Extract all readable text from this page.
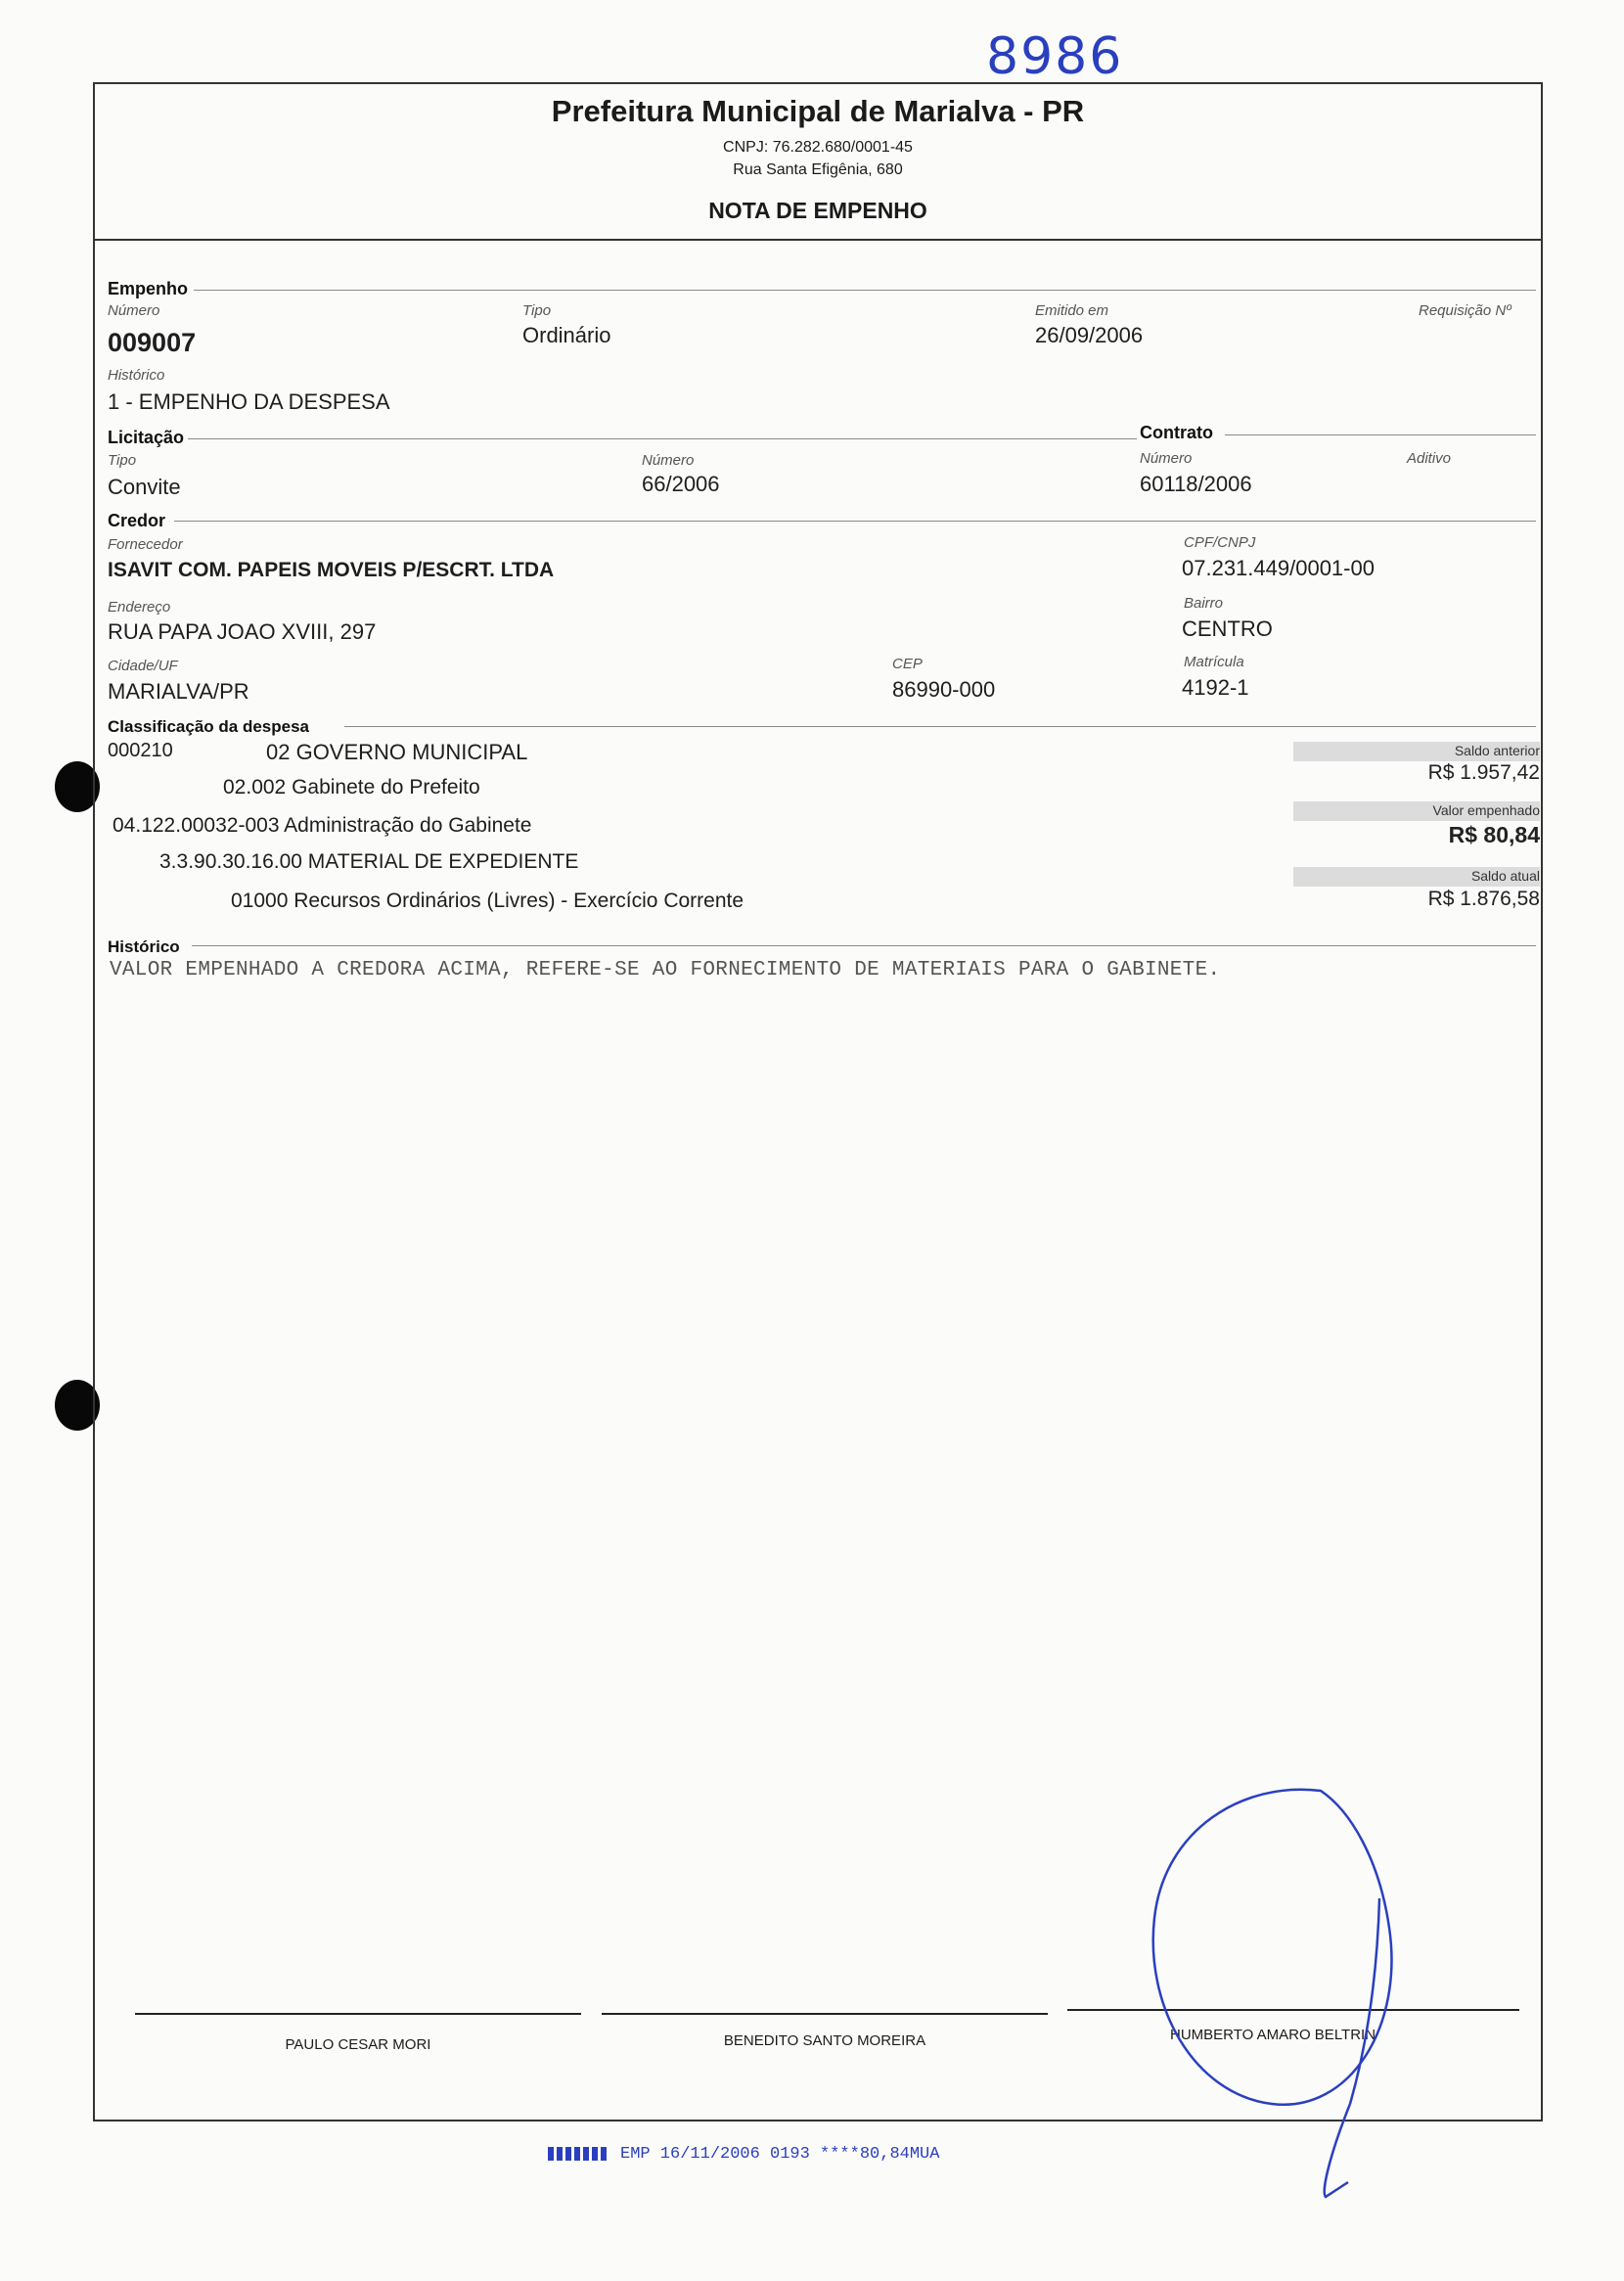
8986
Prefeitura Municipal de Marialva - PR
CNPJ: 76.282.680/0001-45
Rua Santa Efigênia, 680
NOTA DE EMPENHO
Empenho
Número
009007
Tipo
Ordinário
Emitido em
26/09/2006
Requisição Nº
Histórico
1 - EMPENHO DA DESPESA
Licitação	Contrato
Tipo
Convite
Número
66/2006
Número
60118/2006
Aditivo
Credor
Fornecedor
ISAVIT COM. PAPEIS MOVEIS P/ESCRT. LTDA
CPF/CNPJ
07.231.449/0001-00
Endereço
RUA PAPA JOAO XVIII, 297
Bairro
CENTRO
Cidade/UF
MARIALVA/PR
CEP
86990-000
Matrícula
4192-1
Classificação da despesa
000210	02 GOVERNO MUNICIPAL
02.002 Gabinete do Prefeito
04.122.00032-003 Administração do Gabinete
3.3.90.30.16.00 MATERIAL DE EXPEDIENTE
01000 Recursos Ordinários (Livres) - Exercício Corrente
Saldo anterior
R$ 1.957,42
Valor empenhado
R$ 80,84
Saldo atual
R$ 1.876,58
Histórico
VALOR EMPENHADO A CREDORA ACIMA, REFERE-SE AO FORNECIMENTO DE MATERIAIS PARA O GABINETE.
PAULO CESAR MORI	BENEDITO SANTO MOREIRA	HUMBERTO AMARO BELTRIN
EMP 16/11/2006 0193 ****80,84MUA
